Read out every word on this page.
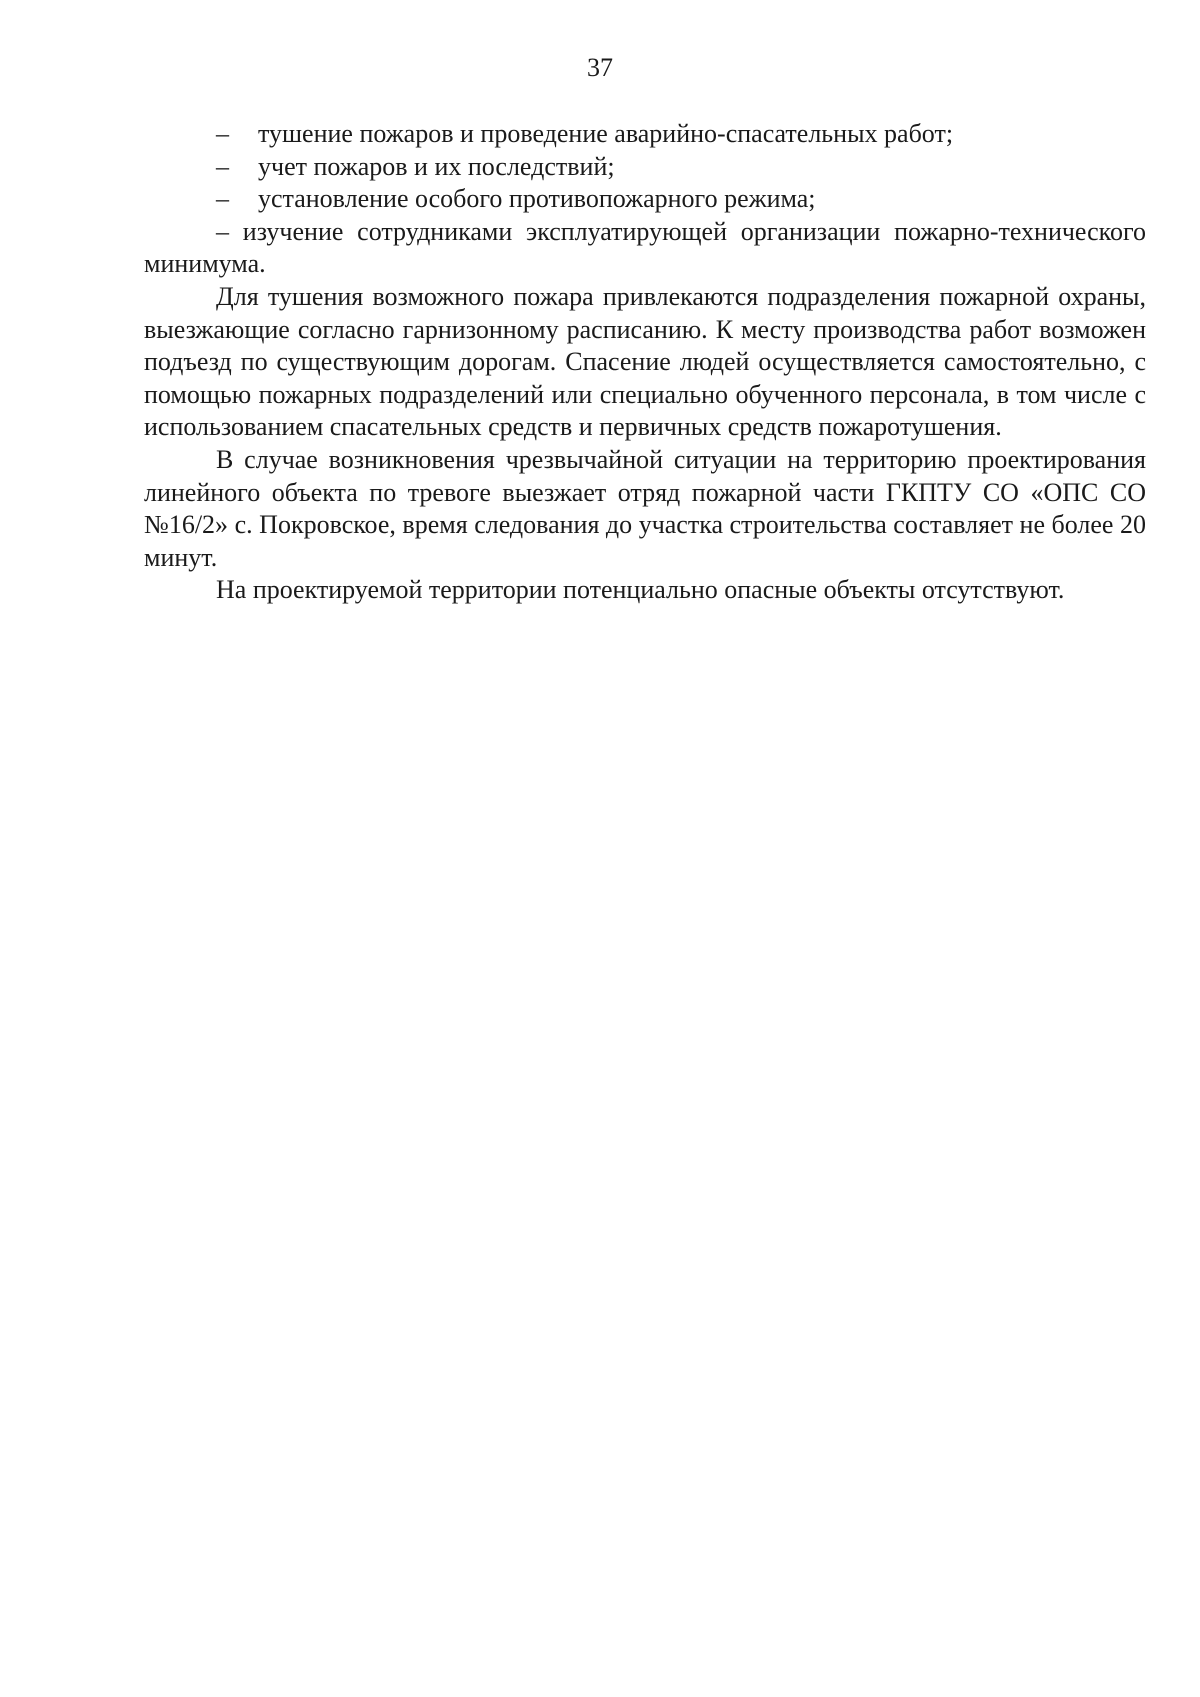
37
– тушение пожаров и проведение аварийно-спасательных работ;
– учет пожаров и их последствий;
– установление особого противопожарного режима;
– изучение сотрудниками эксплуатирующей организации пожарно-технического минимума.

Для тушения возможного пожара привлекаются подразделения пожарной охраны, выезжающие согласно гарнизонному расписанию. К месту производства работ возможен подъезд по существующим дорогам. Спасение людей осуществляется самостоятельно, с помощью пожарных подразделений или специально обученного персонала, в том числе с использованием спасательных средств и первичных средств пожаротушения.

В случае возникновения чрезвычайной ситуации на территорию проектирования линейного объекта по тревоге выезжает отряд пожарной части ГКПТУ СО «ОПС СО №16/2» с. Покровское, время следования до участка строительства составляет не более 20 минут.

На проектируемой территории потенциально опасные объекты отсутствуют.
